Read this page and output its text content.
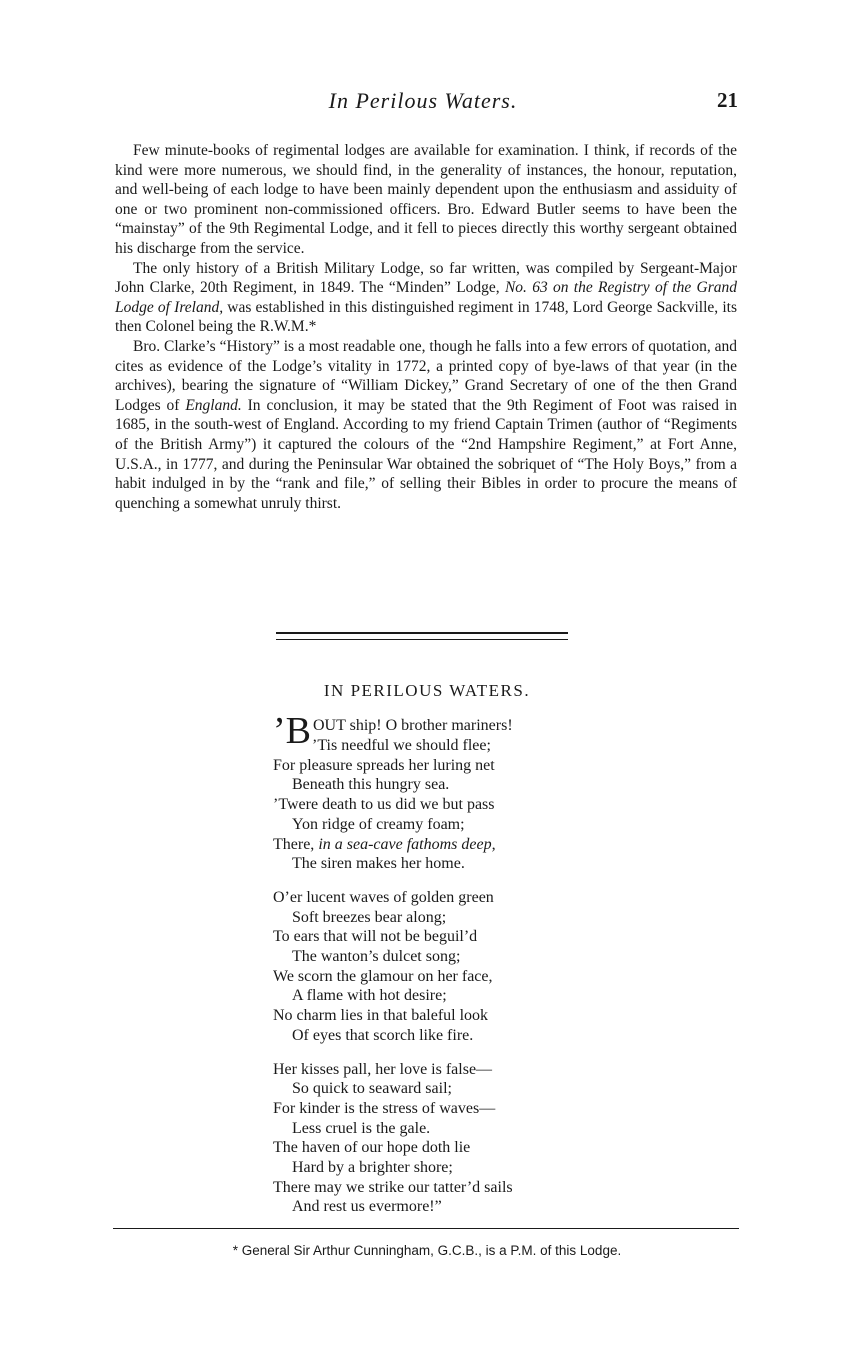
In Perilous Waters.	21

Few minute-books of regimental lodges are available for examination. I think, if records of the kind were more numerous, we should find, in the generality of instances, the honour, reputation, and well-being of each lodge to have been mainly dependent upon the enthusiasm and assiduity of one or two prominent non-commissioned officers. Bro. Edward Butler seems to have been the “mainstay” of the 9th Regimental Lodge, and it fell to pieces directly this worthy sergeant obtained his discharge from the service.

The only history of a British Military Lodge, so far written, was compiled by Sergeant-Major John Clarke, 20th Regiment, in 1849. The “Minden” Lodge, No. 63 on the Registry of the Grand Lodge of Ireland, was established in this distinguished regiment in 1748, Lord George Sackville, its then Colonel being the R.W.M.*

Bro. Clarke’s “History” is a most readable one, though he falls into a few errors of quotation, and cites as evidence of the Lodge’s vitality in 1772, a printed copy of bye-laws of that year (in the archives), bearing the signature of “William Dickey,” Grand Secretary of one of the then Grand Lodges of England. In conclusion, it may be stated that the 9th Regiment of Foot was raised in 1685, in the south-west of England. According to my friend Captain Trimen (author of “Regiments of the British Army”) it captured the colours of the “2nd Hampshire Regiment,” at Fort Anne, U.S.A., in 1777, and during the Peninsular War obtained the sobriquet of “The Holy Boys,” from a habit indulged in by the “rank and file,” of selling their Bibles in order to procure the means of quenching a somewhat unruly thirst.

IN PERILOUS WATERS.
’B OUT ship! O brother mariners!
’Tis needful we should flee;
For pleasure spreads her luring net
Beneath this hungry sea.
’Twere death to us did we but pass
Yon ridge of creamy foam;
There, in a sea-cave fathoms deep,
The siren makes her home.
O’er lucent waves of golden green
Soft breezes bear along;
To ears that will not be beguil’d
The wanton’s dulcet song;
We scorn the glamour on her face,
A flame with hot desire;
No charm lies in that baleful look
Of eyes that scorch like fire.
Her kisses pall, her love is false—
So quick to seaward sail;
For kinder is the stress of waves—
Less cruel is the gale.
The haven of our hope doth lie
Hard by a brighter shore;
There may we strike our tatter’d sails
And rest us evermore!”
* General Sir Arthur Cunningham, G.C.B., is a P.M. of this Lodge.
